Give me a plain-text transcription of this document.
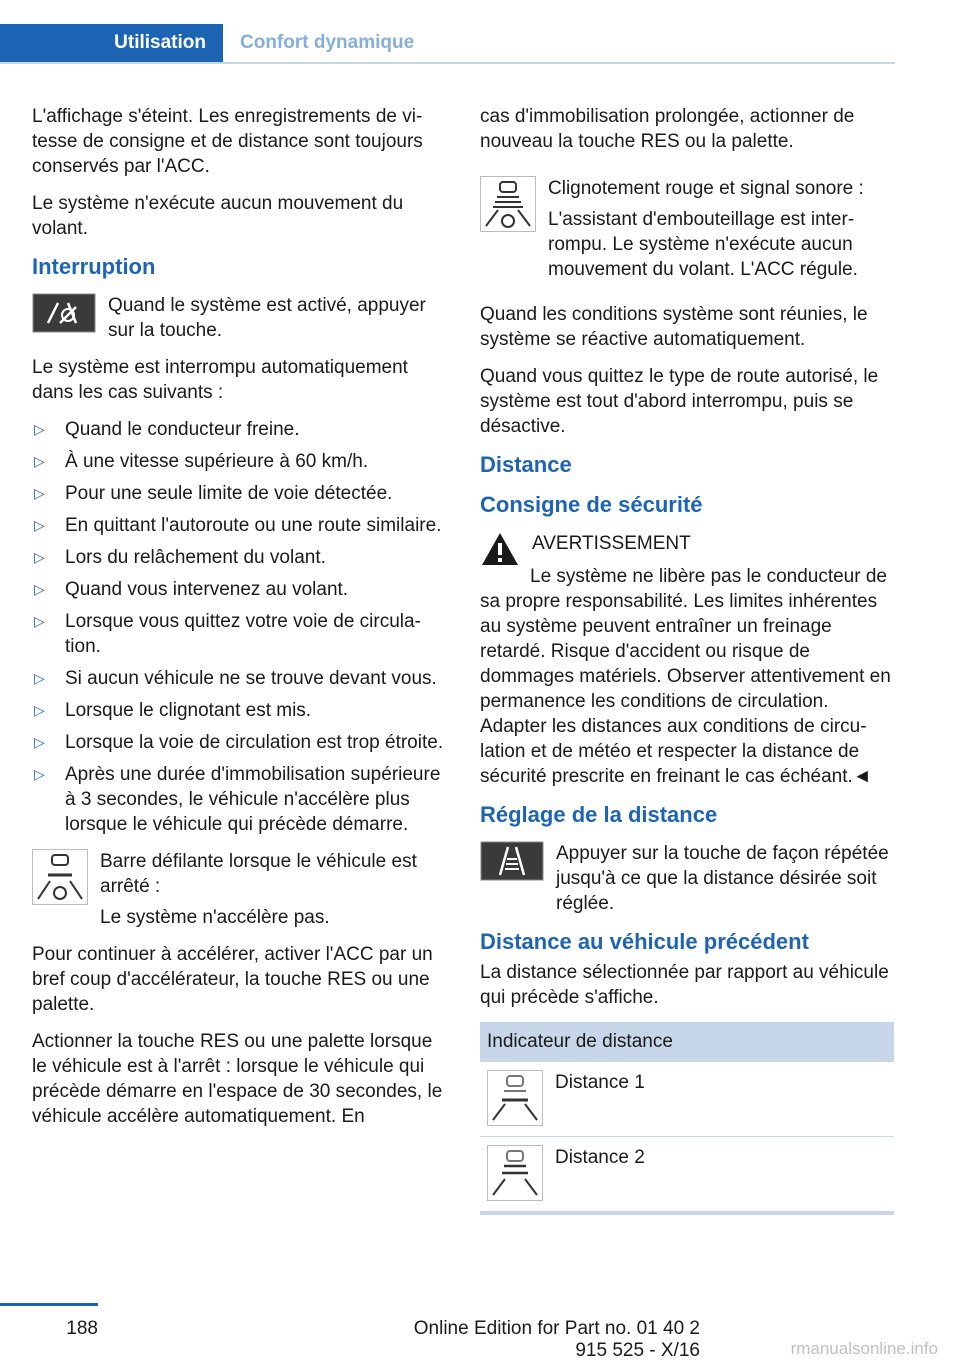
Utilisation	Confort dynamique

L'affichage s'éteint. Les enregistrements de vitesse de consigne et de distance sont toujours conservés par l'ACC.

Le système n'exécute aucun mouvement du volant.

Interruption
Quand le système est activé, appuyer sur la touche.

Le système est interrompu automatiquement dans les cas suivants :

▷ Quand le conducteur freine.
▷ À une vitesse supérieure à 60 km/h.
▷ Pour une seule limite de voie détectée.
▷ En quittant l'autoroute ou une route similaire.
▷ Lors du relâchement du volant.
▷ Quand vous intervenez au volant.
▷ Lorsque vous quittez votre voie de circulation.
▷ Si aucun véhicule ne se trouve devant vous.
▷ Lorsque le clignotant est mis.
▷ Lorsque la voie de circulation est trop étroite.
▷ Après une durée d'immobilisation supérieure à 3 secondes, le véhicule n'accélère plus lorsque le véhicule qui précède démarre.
Barre défilante lorsque le véhicule est arrêté :
Le système n'accélère pas.

Pour continuer à accélérer, activer l'ACC par un bref coup d'accélérateur, la touche RES ou une palette.

Actionner la touche RES ou une palette lorsque le véhicule est à l'arrêt : lorsque le véhicule qui précède démarre en l'espace de 30 secondes, le véhicule accélère automatiquement. En

cas d'immobilisation prolongée, actionner de nouveau la touche RES ou la palette.

Clignotement rouge et signal sonore :
L'assistant d'embouteillage est interrompu. Le système n'exécute aucun mouvement du volant. L'ACC régule.

Quand les conditions système sont réunies, le système se réactive automatiquement.

Quand vous quittez le type de route autorisé, le système est tout d'abord interrompu, puis se désactive.

Distance
Consigne de sécurité
AVERTISSEMENT

Le système ne libère pas le conducteur de sa propre responsabilité. Les limites inhérentes au système peuvent entraîner un freinage retardé. Risque d'accident ou risque de dommages matériels. Observer attentivement en permanence les conditions de circulation. Adapter les distances aux conditions de circulation et de météo et respecter la distance de sécurité prescrite en freinant le cas échéant.◄

Réglage de la distance
Appuyer sur la touche de façon répétée jusqu'à ce que la distance désirée soit réglée.
Distance au véhicule précédent

La distance sélectionnée par rapport au véhicule qui précède s'affiche.

Indicateur de distance
Distance 1
Distance 2
188	Online Edition for Part no. 01 40 2 915 525 - X/16	rmanualsonline.info
